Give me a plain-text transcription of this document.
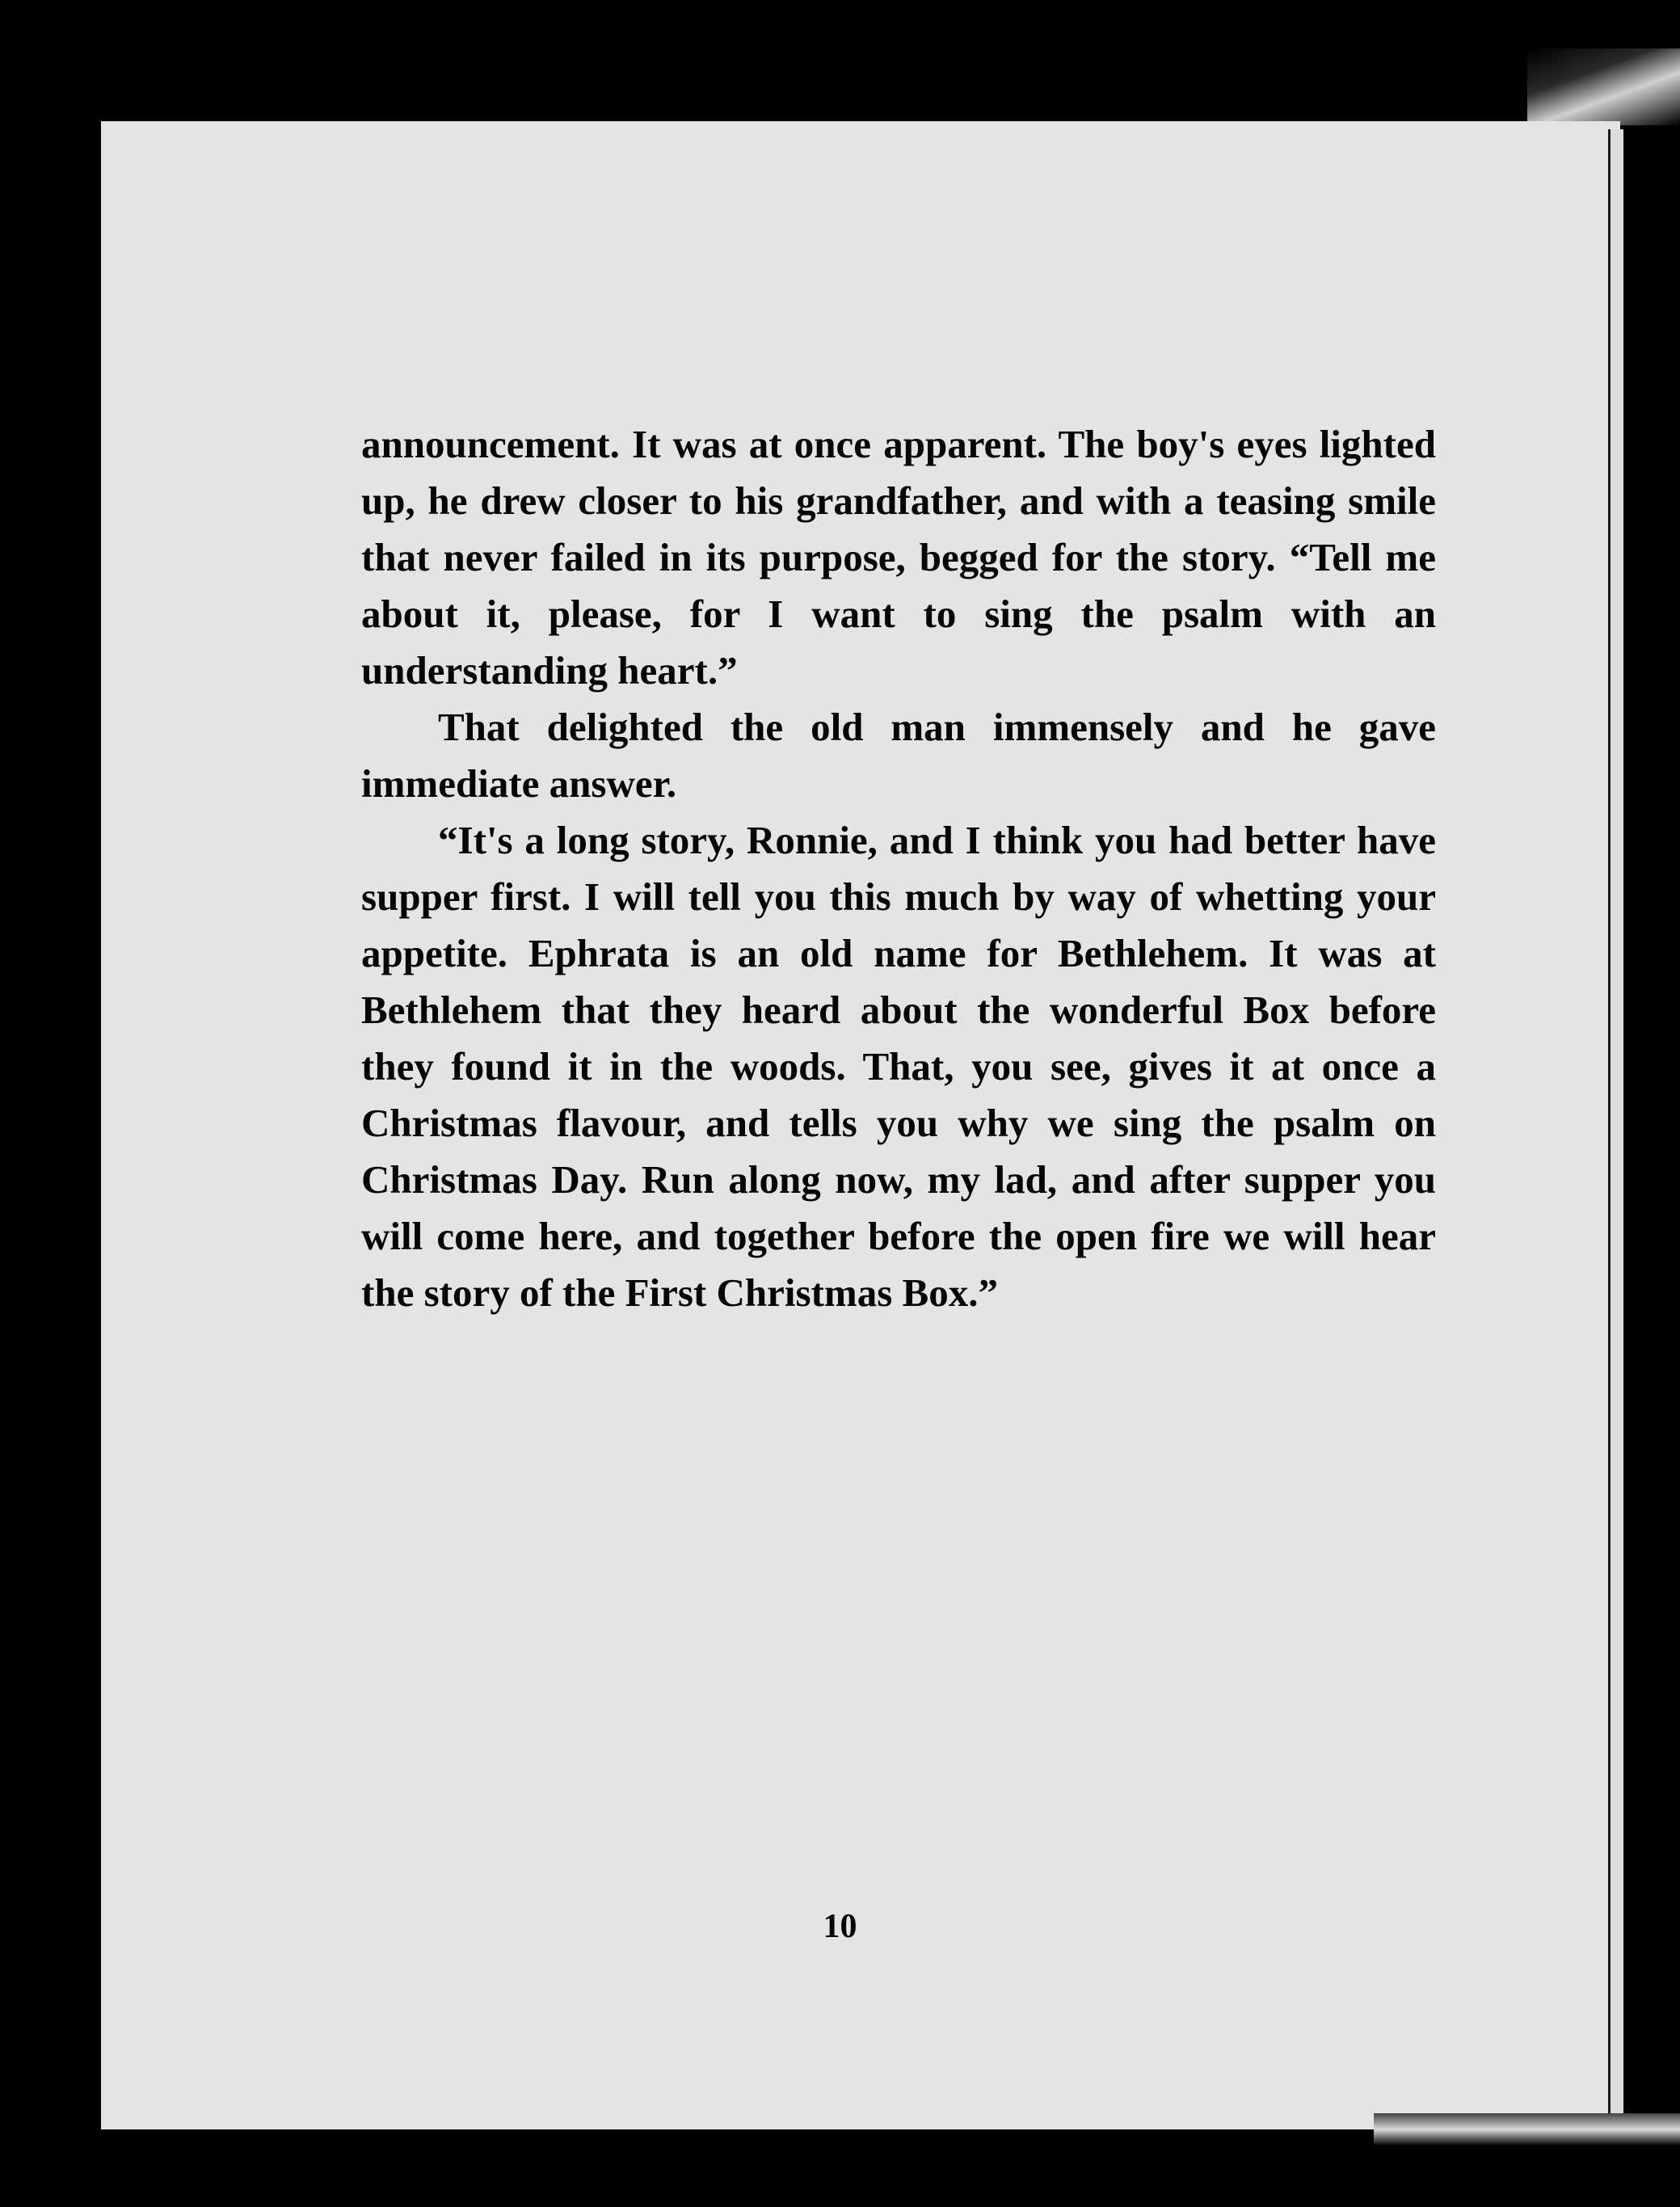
announcement. It was at once apparent. The boy's eyes lighted up, he drew closer to his grandfather, and with a teasing smile that never failed in its purpose, begged for the story. “Tell me about it, please, for I want to sing the psalm with an understanding heart.”

That delighted the old man immensely and he gave immediate answer.

“It's a long story, Ronnie, and I think you had better have supper first. I will tell you this much by way of whetting your appetite. Ephrata is an old name for Bethlehem. It was at Bethlehem that they heard about the wonderful Box before they found it in the woods. That, you see, gives it at once a Christmas flavour, and tells you why we sing the psalm on Christmas Day. Run along now, my lad, and after supper you will come here, and together before the open fire we will hear the story of the First Christmas Box.”

10
